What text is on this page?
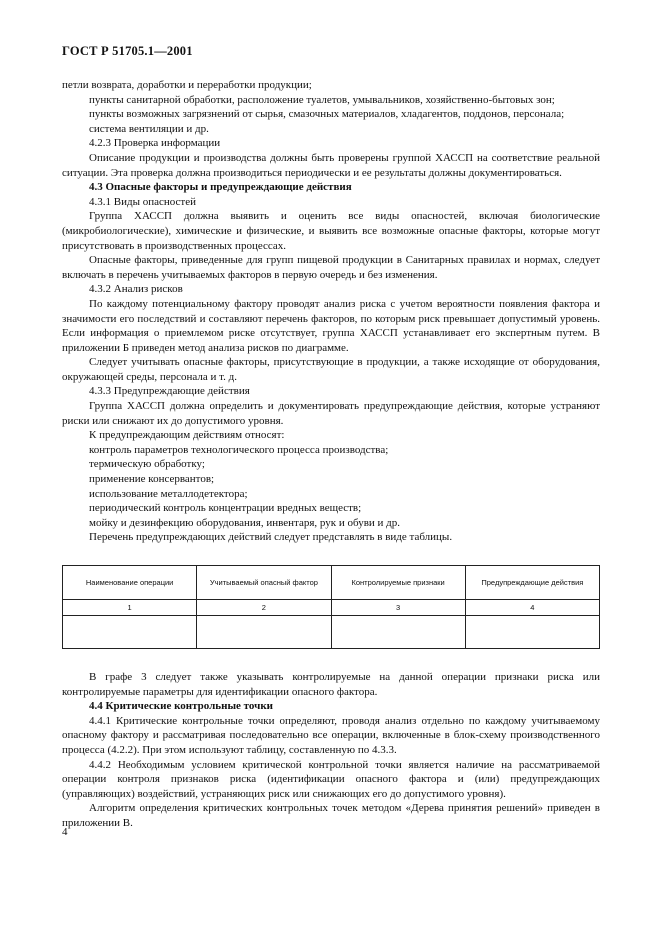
ГОСТ Р 51705.1—2001

петли возврата, доработки и переработки продукции;

пункты санитарной обработки, расположение туалетов, умывальников, хозяйственно-бытовых зон;

пункты возможных загрязнений от сырья, смазочных материалов, хладагентов, поддонов, персонала;

система вентиляции и др.

4.2.3 Проверка информации

Описание продукции и производства должны быть проверены группой ХАССП на соответствие реальной ситуации. Эта проверка должна производиться периодически и ее результаты должны документироваться.

4.3 Опасные факторы и предупреждающие действия

4.3.1 Виды опасностей

Группа ХАССП должна выявить и оценить все виды опасностей, включая биологические (микробиологические), химические и физические, и выявить все возможные опасные факторы, которые могут присутствовать в производственных процессах.

Опасные факторы, приведенные для групп пищевой продукции в Санитарных правилах и нормах, следует включать в перечень учитываемых факторов в первую очередь и без изменения.

4.3.2 Анализ рисков

По каждому потенциальному фактору проводят анализ риска с учетом вероятности появления фактора и значимости его последствий и составляют перечень факторов, по которым риск превышает допустимый уровень. Если информация о приемлемом риске отсутствует, группа ХАССП устанавливает его экспертным путем. В приложении Б приведен метод анализа рисков по диаграмме.

Следует учитывать опасные факторы, присутствующие в продукции, а также исходящие от оборудования, окружающей среды, персонала и т. д.

4.3.3 Предупреждающие действия

Группа ХАССП должна определить и документировать предупреждающие действия, которые устраняют риски или снижают их до допустимого уровня.

К предупреждающим действиям относят:

контроль параметров технологического процесса производства;

термическую обработку;

применение консервантов;

использование металлодетектора;

периодический контроль концентрации вредных веществ;

мойку и дезинфекцию оборудования, инвентаря, рук и обуви и др.

Перечень предупреждающих действий следует представлять в виде таблицы.

Наименование операции	Учитываемый опасный фактор	Контролируемые признаки	Предупреждающие действия
1	2	3	4

В графе 3 следует также указывать контролируемые на данной операции признаки риска или контролируемые параметры для идентификации опасного фактора.

4.4 Критические контрольные точки

4.4.1 Критические контрольные точки определяют, проводя анализ отдельно по каждому учитываемому опасному фактору и рассматривая последовательно все операции, включенные в блок-схему производственного процесса (4.2.2). При этом используют таблицу, составленную по 4.3.3.

4.4.2 Необходимым условием критической контрольной точки является наличие на рассматриваемой операции контроля признаков риска (идентификации опасного фактора и (или) предупреждающих (управляющих) воздействий, устраняющих риск или снижающих его до допустимого уровня).

Алгоритм определения критических контрольных точек методом «Дерева принятия решений» приведен в приложении В.

4
